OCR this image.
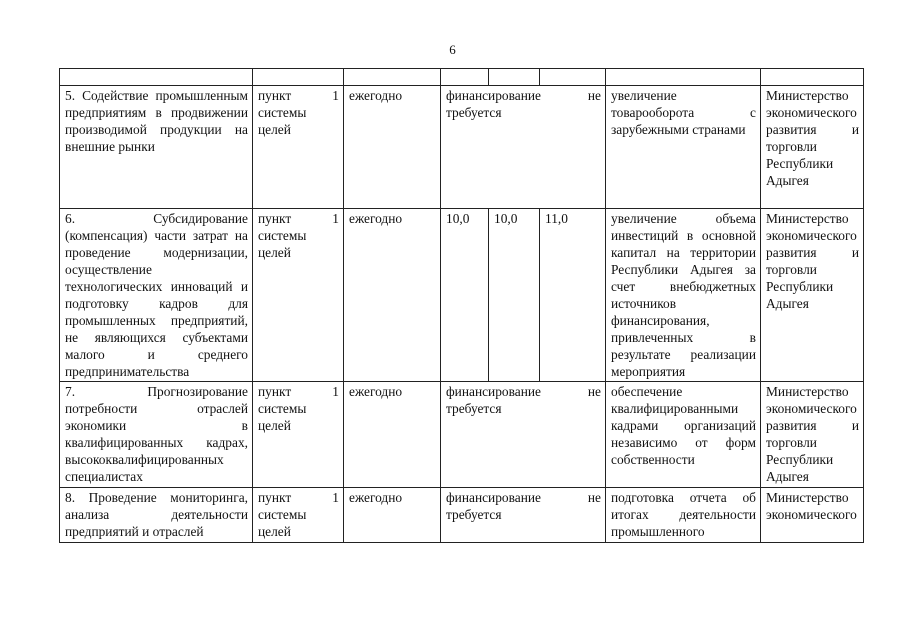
6

5. Содействие промышленным предприятиям в продвижении производимой продукции на внешние рынки	пункт 1 системы целей	ежегодно	финансирование не требуется			увеличение товарооборота с зарубежными странами	Министерство экономического развития и торговли Республики Адыгея
6. Субсидирование (компенсация) части затрат на проведение модернизации, осуществление технологических инноваций и подготовку кадров для промышленных предприятий, не являющихся субъектами малого и среднего предпринимательства	пункт 1 системы целей	ежегодно	10,0	10,0	11,0	увеличение объема инвестиций в основной капитал на территории Республики Адыгея за счет внебюджетных источников финансирования, привлеченных в результате реализации мероприятия	Министерство экономического развития и торговли Республики Адыгея
7. Прогнозирование потребности отраслей экономики в квалифицированных кадрах, высококвалифицированных специалистах	пункт 1 системы целей	ежегодно	финансирование не требуется			обеспечение квалифицированными кадрами организаций независимо от форм собственности	Министерство экономического развития и торговли Республики Адыгея
8. Проведение мониторинга, анализа деятельности предприятий и отраслей	пункт 1 системы целей	ежегодно	финансирование не требуется			подготовка отчета об итогах деятельности промышленного	Министерство экономического
